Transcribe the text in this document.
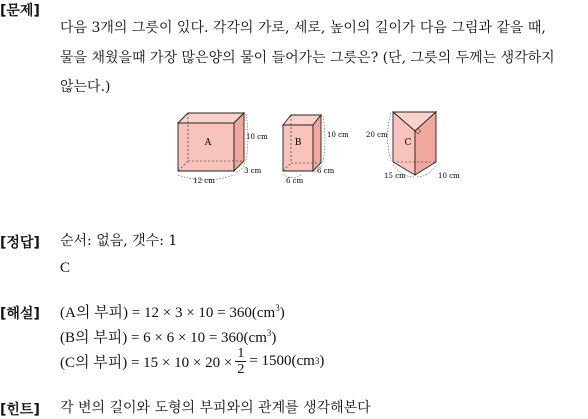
[문제]
다음 3개의 그릇이 있다. 각각의 가로, 세로, 높이의 길이가 다음 그림과 같을 때,
물을 채웠을때 가장 많은양의 물이 들어가는 그릇은? (단, 그릇의 두께는 생각하지
않는다.)
A
12 cm
3 cm
10 cm
B
6 cm
6 cm
10 cm
C
20 cm
15 cm	10 cm
[정답] 순서: 없음, 갯수: 1
C
[해설] (A의 부피) = $12 \times 3 \times 10 = 360(cm^3)$
(B의 부피) = $6 \times 6 \times 10 = 360(cm^3)$
(C의 부피) = $15 \times 10 \times 20 \times \frac{1}{2} = 1500(cm$ 3 )
[힌트] 각 변의 길이와 도형의 부피와의 관계를 생각해본다
